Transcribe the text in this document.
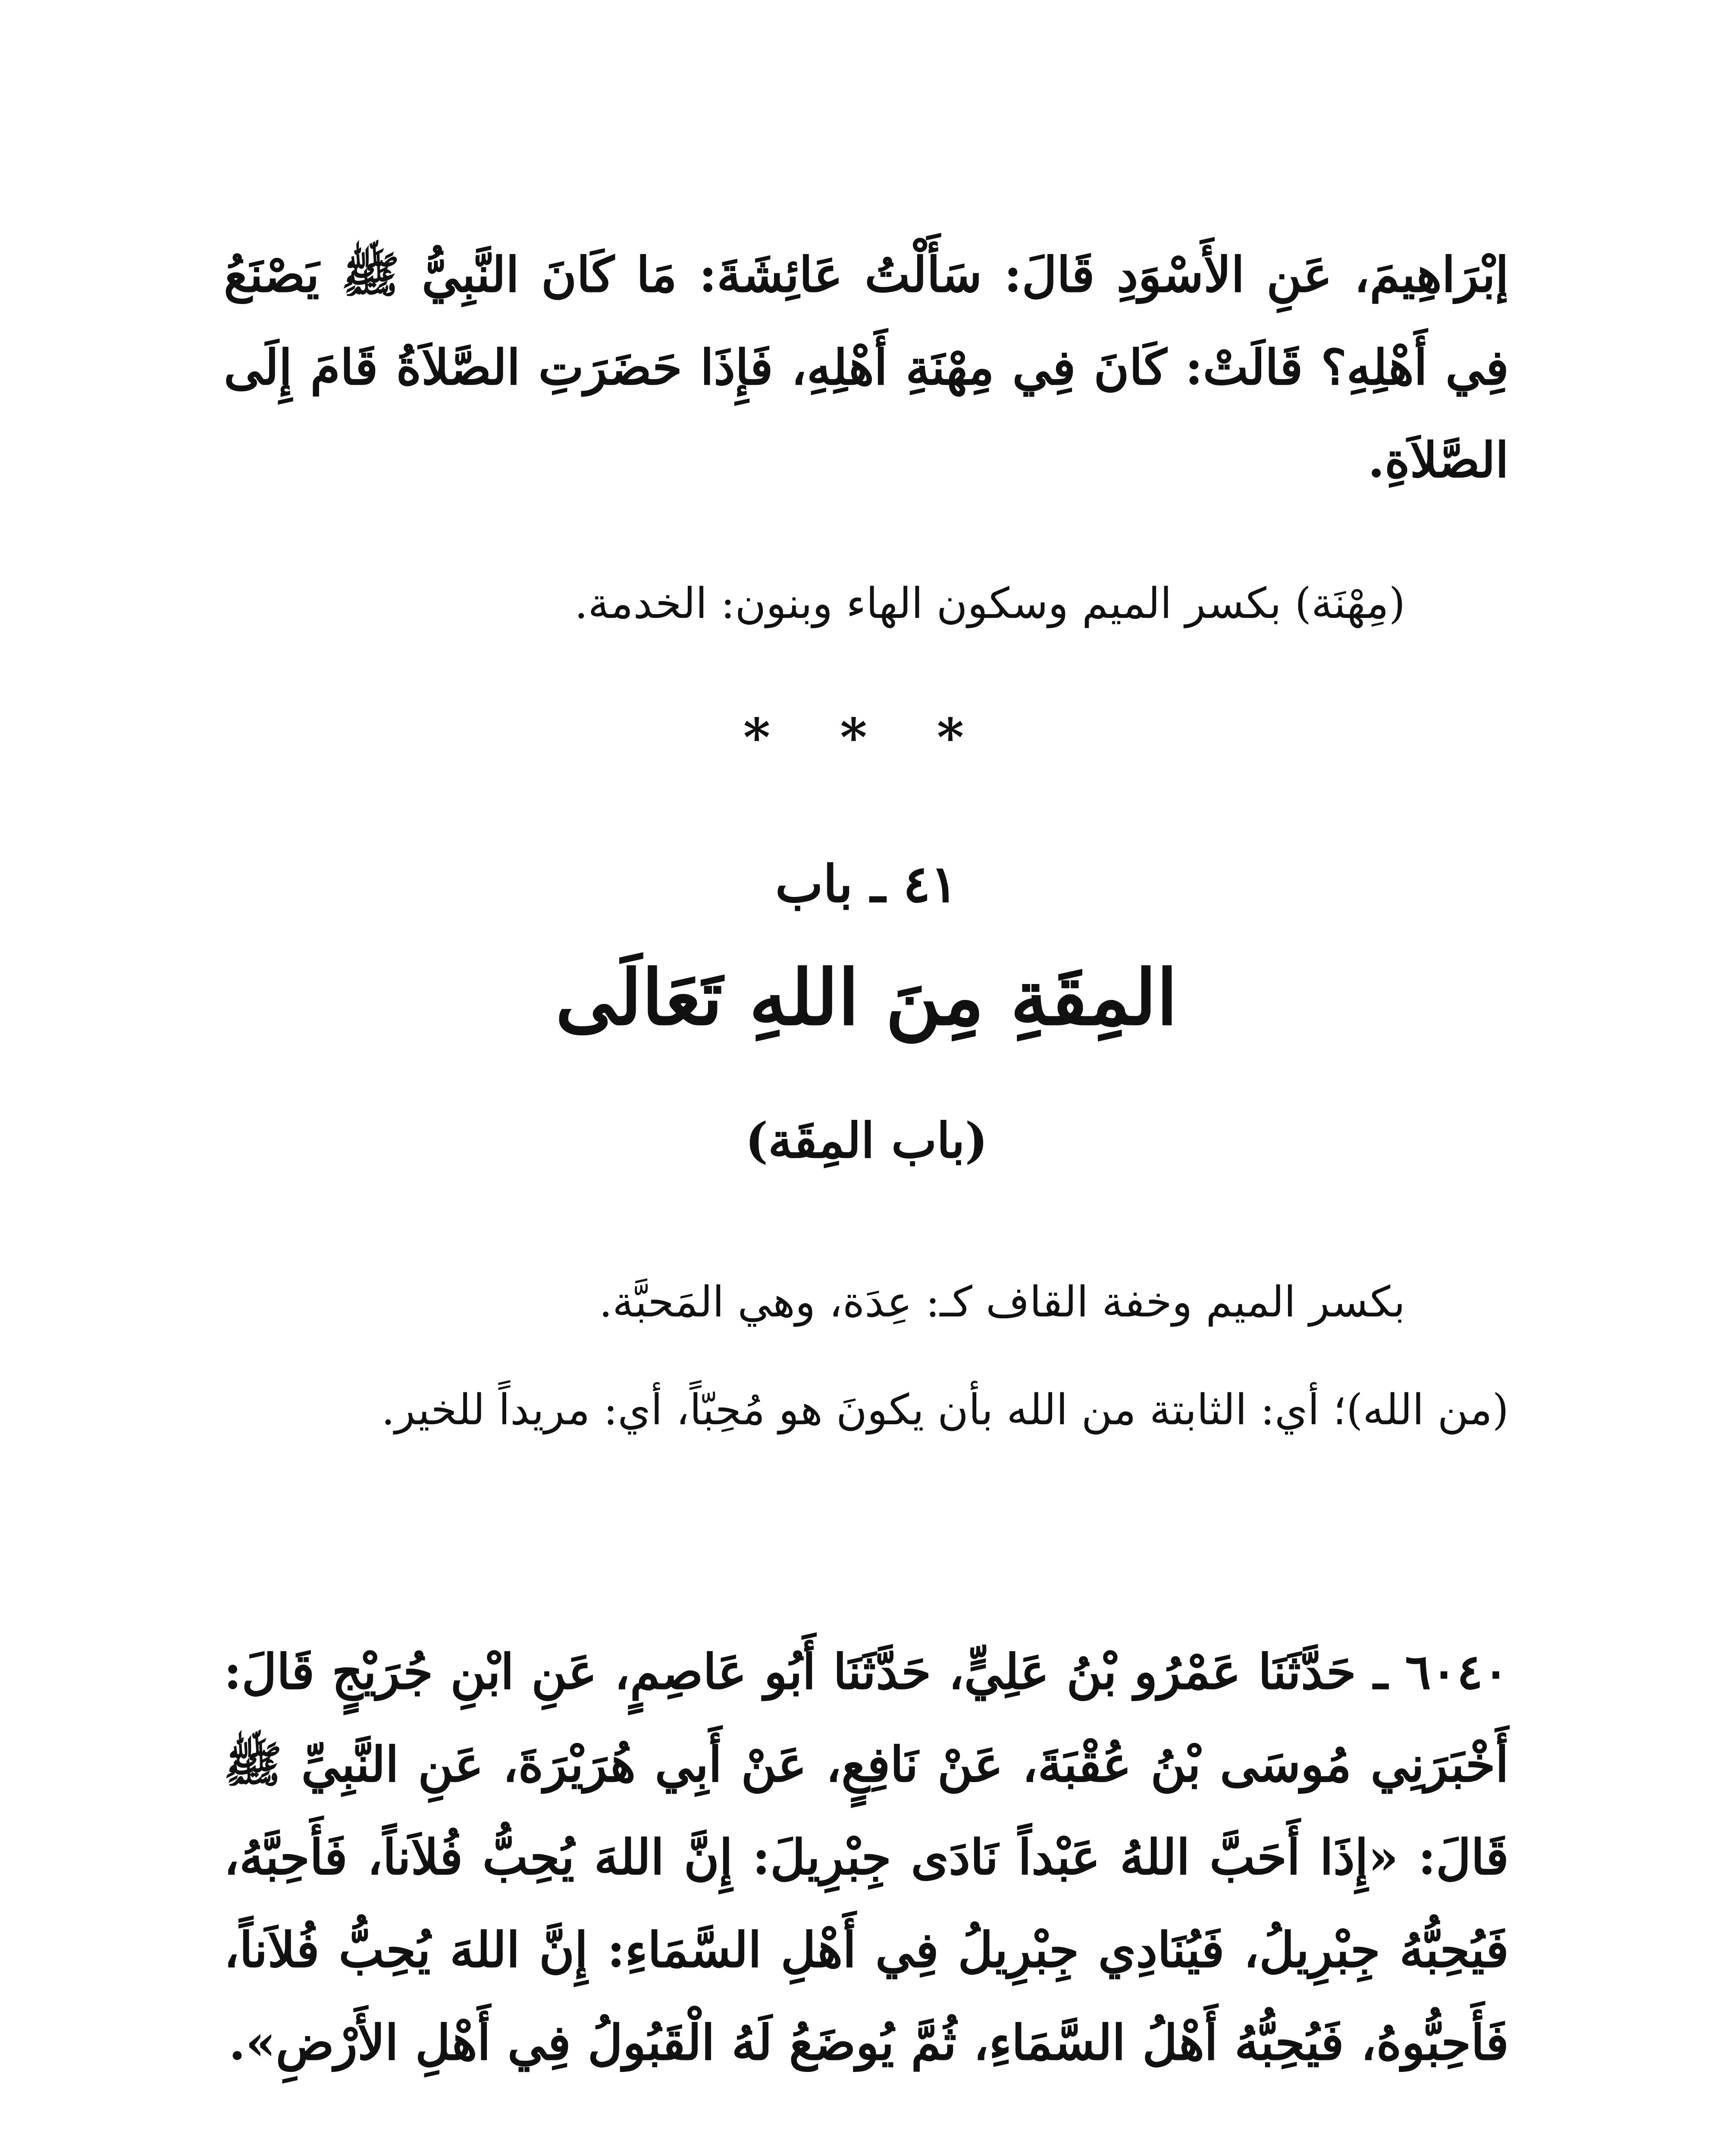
إبْرَاهِيمَ، عَنِ الأَسْوَدِ قَالَ: سَأَلْتُ عَائِشَةَ: مَا كَانَ النَّبِيُّ ﷺ يَصْنَعُ فِي أَهْلِهِ؟ قَالَتْ: كَانَ فِي مِهْنَةِ أَهْلِهِ، فَإِذَا حَضَرَتِ الصَّلاَةُ قَامَ إِلَى الصَّلاَةِ.
(مِهْنَة) بكسر الميم وسكون الهاء وبنون: الخدمة.
* * *
٤١ ـ باب
المِقَةِ مِنَ اللهِ تَعَالَى
(باب المِقَة)
بكسر الميم وخفة القاف كـ: عِدَة، وهي المَحبَّة.
(من الله)؛ أي: الثابتة من الله بأن يكونَ هو مُحِبّاً، أي: مريداً للخير.
٦٠٤٠ ـ حَدَّثَنَا عَمْرُو بْنُ عَلِيٍّ، حَدَّثَنَا أَبُو عَاصِمٍ، عَنِ ابْنِ جُرَيْجٍ قَالَ: أَخْبَرَنِي مُوسَى بْنُ عُقْبَةَ، عَنْ نَافِعٍ، عَنْ أَبِي هُرَيْرَةَ، عَنِ النَّبِيِّ ﷺ قَالَ: «إِذَا أَحَبَّ اللهُ عَبْداً نَادَى جِبْرِيلَ: إِنَّ اللهَ يُحِبُّ فُلاَناً، فَأَحِبَّهُ، فَيُحِبُّهُ جِبْرِيلُ، فَيُنَادِي جِبْرِيلُ فِي أَهْلِ السَّمَاءِ: إِنَّ اللهَ يُحِبُّ فُلاَناً، فَأَحِبُّوهُ، فَيُحِبُّهُ أَهْلُ السَّمَاءِ، ثُمَّ يُوضَعُ لَهُ الْقَبُولُ فِي أَهْلِ الأَرْضِ».
